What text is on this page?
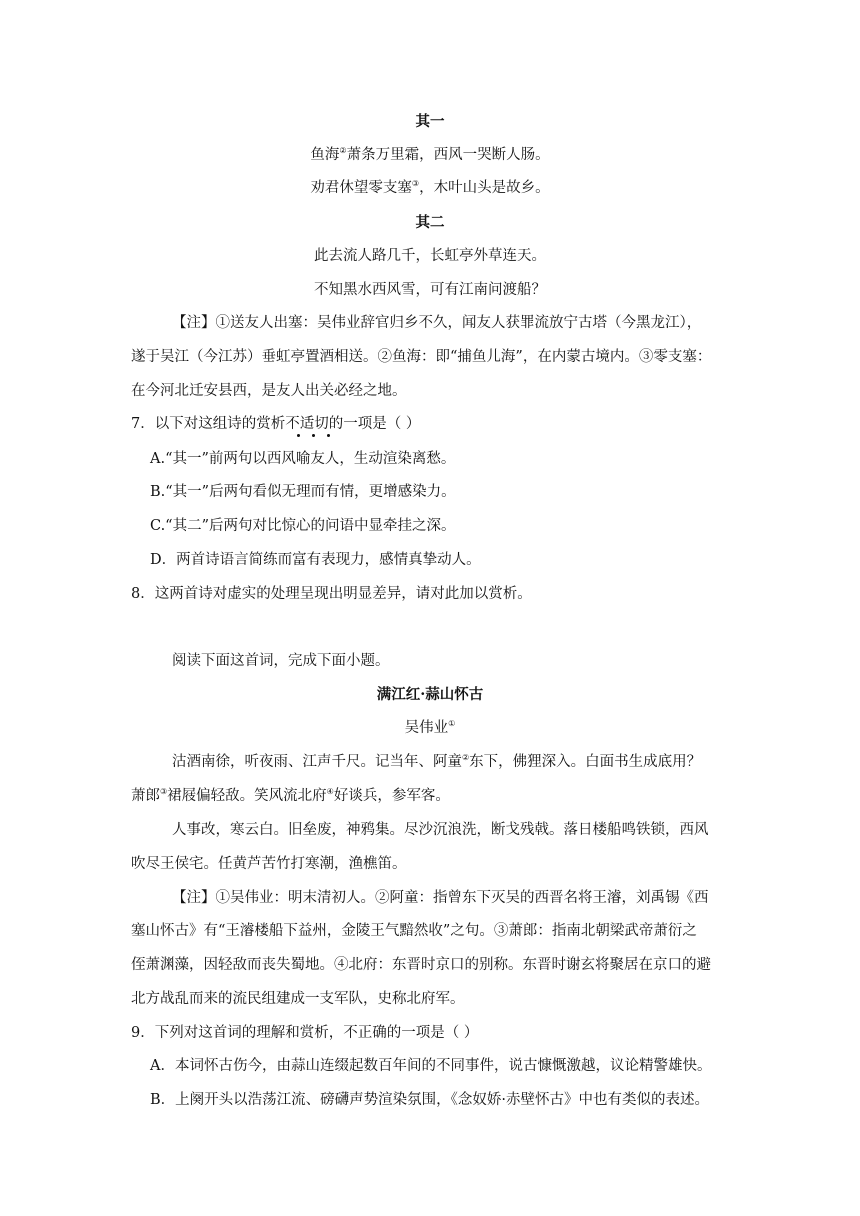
其一
鱼海②萧条万里霜，西风一哭断人肠。
劝君休望零支塞③，木叶山头是故乡。
其二
此去流人路几千，长虹亭外草连天。
不知黑水西风雪，可有江南问渡船？
【注】①送友人出塞：吴伟业辞官归乡不久，闻友人获罪流放宁古塔（今黑龙江），
遂于吴江（今江苏）垂虹亭置酒相送。②鱼海：即“捕鱼儿海”，在内蒙古境内。③零支塞：
在今河北迁安县西，是友人出关必经之地。
7．以下对这组诗的赏析不适切的一项是（ ）
A.“其一”前两句以西风喻友人，生动渲染离愁。
B.“其一”后两句看似无理而有情，更增感染力。
C.“其二”后两句对比惊心的问语中显牵挂之深。
D．两首诗语言简练而富有表现力，感情真挚动人。
8．这两首诗对虚实的处理呈现出明显差异，请对此加以赏析。
阅读下面这首词，完成下面小题。
满江红·蒜山怀古
吴伟业①
沽酒南徐，听夜雨、江声千尺。记当年、阿童②东下，佛狸深入。白面书生成底用？
萧郎③裙屐偏轻敌。笑风流北府④好谈兵，参军客。
人事改，寒云白。旧垒废，神鸦集。尽沙沉浪洗，断戈残戟。落日楼船鸣铁锁，西风
吹尽王侯宅。任黄芦苦竹打寒潮，渔樵笛。
【注】①吴伟业：明末清初人。②阿童：指曾东下灭吴的西晋名将王濬，刘禹锡《西
塞山怀古》有“王濬楼船下益州，金陵王气黯然收”之句。③萧郎：指南北朝梁武帝萧衍之
侄萧渊藻，因轻敌而丧失蜀地。④北府：东晋时京口的别称。东晋时谢玄将聚居在京口的避
北方战乱而来的流民组建成一支军队，史称北府军。
9．下列对这首词的理解和赏析，不正确的一项是（ ）
A．本词怀古伤今，由蒜山连缀起数百年间的不同事件，说古慷慨激越，议论精警雄快。
B．上阕开头以浩荡江流、磅礴声势渲染氛围，《念奴娇·赤壁怀古》中也有类似的表述。
